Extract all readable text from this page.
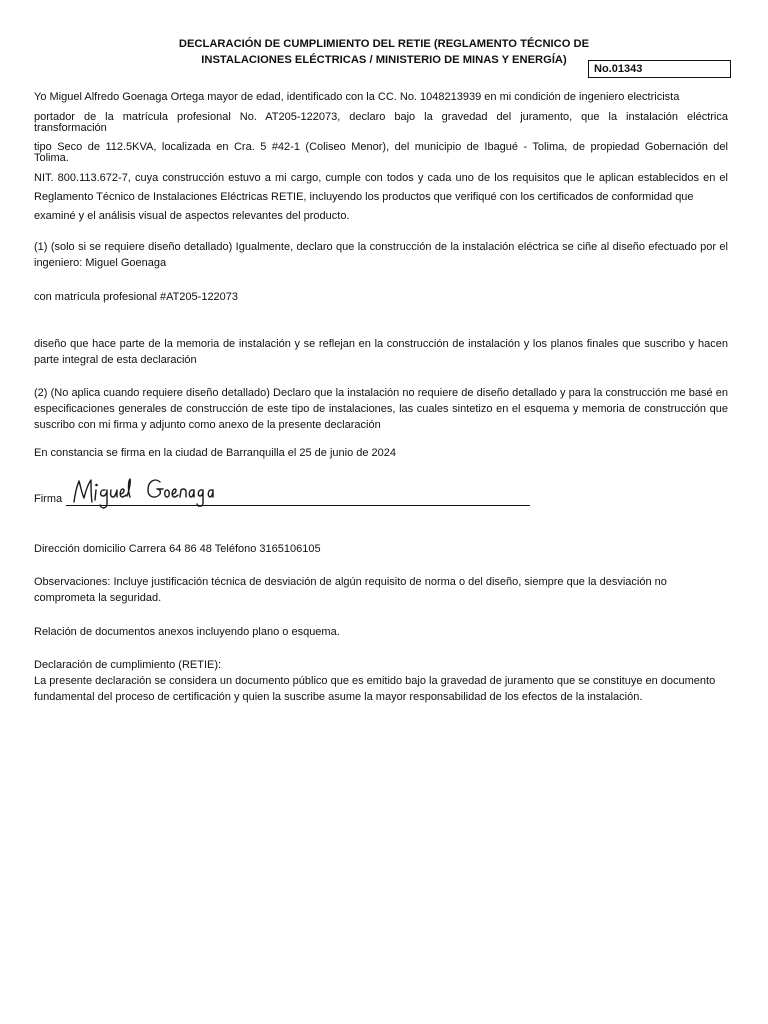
DECLARACIÓN DE CUMPLIMIENTO DEL RETIE (REGLAMENTO TÉCNICO DE
INSTALACIONES ELÉCTRICAS / MINISTERIO DE MINAS Y ENERGÍA)
No.01343
Yo Miguel Alfredo Goenaga Ortega mayor de edad, identificado con la CC. No. 1048213939 en mi condición de ingeniero electricista
portador de la matrícula profesional No. AT205-122073, declaro bajo la gravedad del juramento, que la instalación eléctrica
transformación
tipo Seco de 112.5KVA, localizada en Cra. 5 #42-1 (Coliseo Menor), del municipio de Ibagué - Tolima, de propiedad Gobernación del
Tolima.
NIT. 800.113.672-7, cuya construcción estuvo a mi cargo, cumple con todos y cada uno de los requisitos que le aplican establecidos en el
Reglamento Técnico de Instalaciones Eléctricas RETIE, incluyendo los productos que verifiqué con los certificados de conformidad que
examiné y el análisis visual de aspectos relevantes del producto.
(1) (solo si se requiere diseño detallado) Igualmente, declaro que la construcción de la instalación eléctrica se ciñe al diseño efectuado por el ingeniero: Miguel Goenaga
con matrícula profesional #AT205-122073
diseño que hace parte de la memoria de instalación y se reflejan en la construcción de instalación y los planos finales que suscribo y hacen parte integral de esta declaración
(2) (No aplica cuando requiere diseño detallado) Declaro que la instalación no requiere de diseño detallado y para la construcción me basé en especificaciones generales de construcción de este tipo de instalaciones, las cuales sintetizo en el esquema y memoria de construcción que suscribo con mi firma y adjunto como anexo de la presente declaración
En constancia se firma en la ciudad de Barranquilla el 25 de junio de 2024
Firma
Dirección domicilio Carrera 64 86 48 Teléfono 3165106105
Observaciones: Incluye justificación técnica de desviación de algún requisito de norma o del diseño, siempre que la desviación no comprometa la seguridad.
Relación de documentos anexos incluyendo plano o esquema.
Declaración de cumplimiento (RETIE):
La presente declaración se considera un documento público que es emitido bajo la gravedad de juramento que se constituye en documento fundamental del proceso de certificación y quien la suscribe asume la mayor responsabilidad de los efectos de la instalación.
